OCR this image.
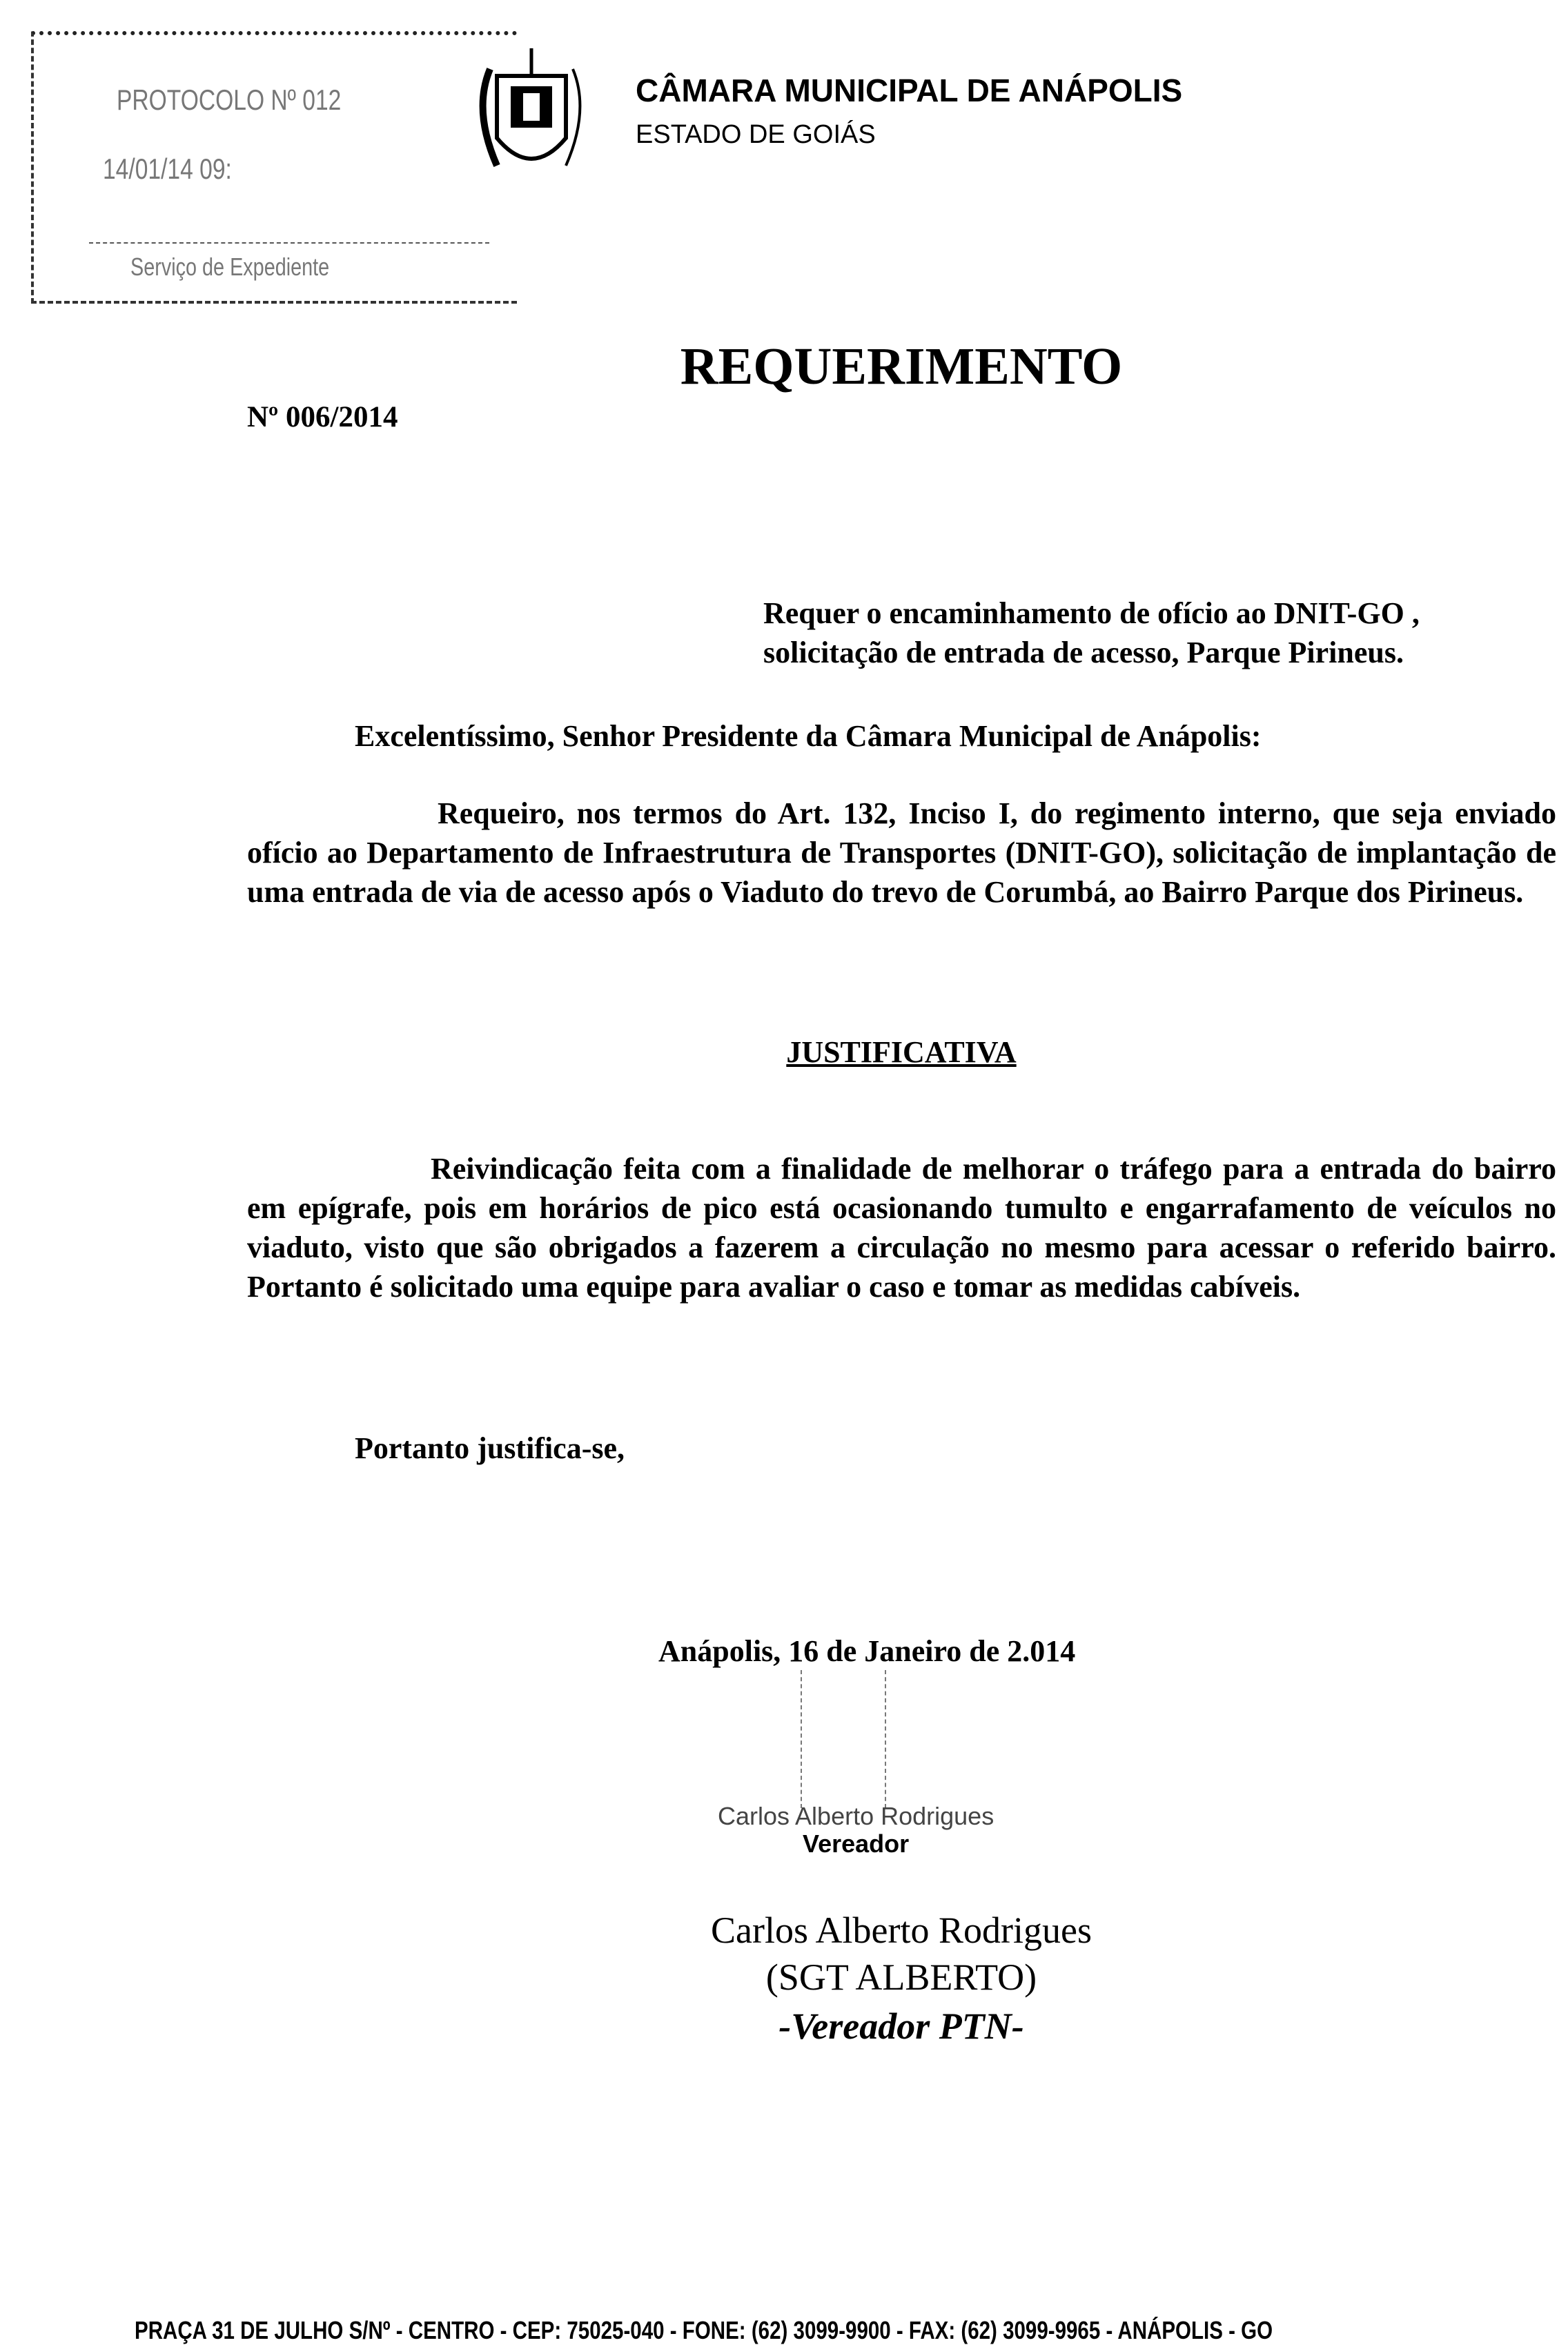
PROTOCOLO Nº 012
14/01/14 09:
Serviço de Expediente
CÂMARA MUNICIPAL DE ANÁPOLIS
ESTADO DE GOIÁS
REQUERIMENTO
Nº 006/2014
Requer o encaminhamento de ofício ao DNIT-GO ,
solicitação de entrada de acesso, Parque Pirineus.
Excelentíssimo, Senhor Presidente da Câmara Municipal de Anápolis:
Requeiro, nos termos do Art. 132, Inciso I, do regimento interno, que seja enviado ofício ao Departamento de Infraestrutura de Transportes (DNIT-GO), solicitação de implantação de uma entrada de via de acesso após o Viaduto do trevo de Corumbá, ao Bairro Parque dos Pirineus.
JUSTIFICATIVA
Reivindicação feita com a finalidade de melhorar o tráfego para a entrada do bairro em epígrafe, pois em horários de pico está ocasionando tumulto e engarrafamento de veículos no viaduto, visto que são obrigados a fazerem a circulação no mesmo para acessar o referido bairro. Portanto é solicitado uma equipe para avaliar o caso e tomar as medidas cabíveis.
Portanto justifica-se,
Anápolis, 16 de Janeiro de 2.014
Carlos Alberto Rodrigues
Vereador
Carlos Alberto Rodrigues
(SGT ALBERTO)
-Vereador PTN-
PRAÇA 31 DE JULHO S/Nº - CENTRO - CEP: 75025-040 - FONE: (62) 3099-9900 - FAX: (62) 3099-9965 - ANÁPOLIS - GO
